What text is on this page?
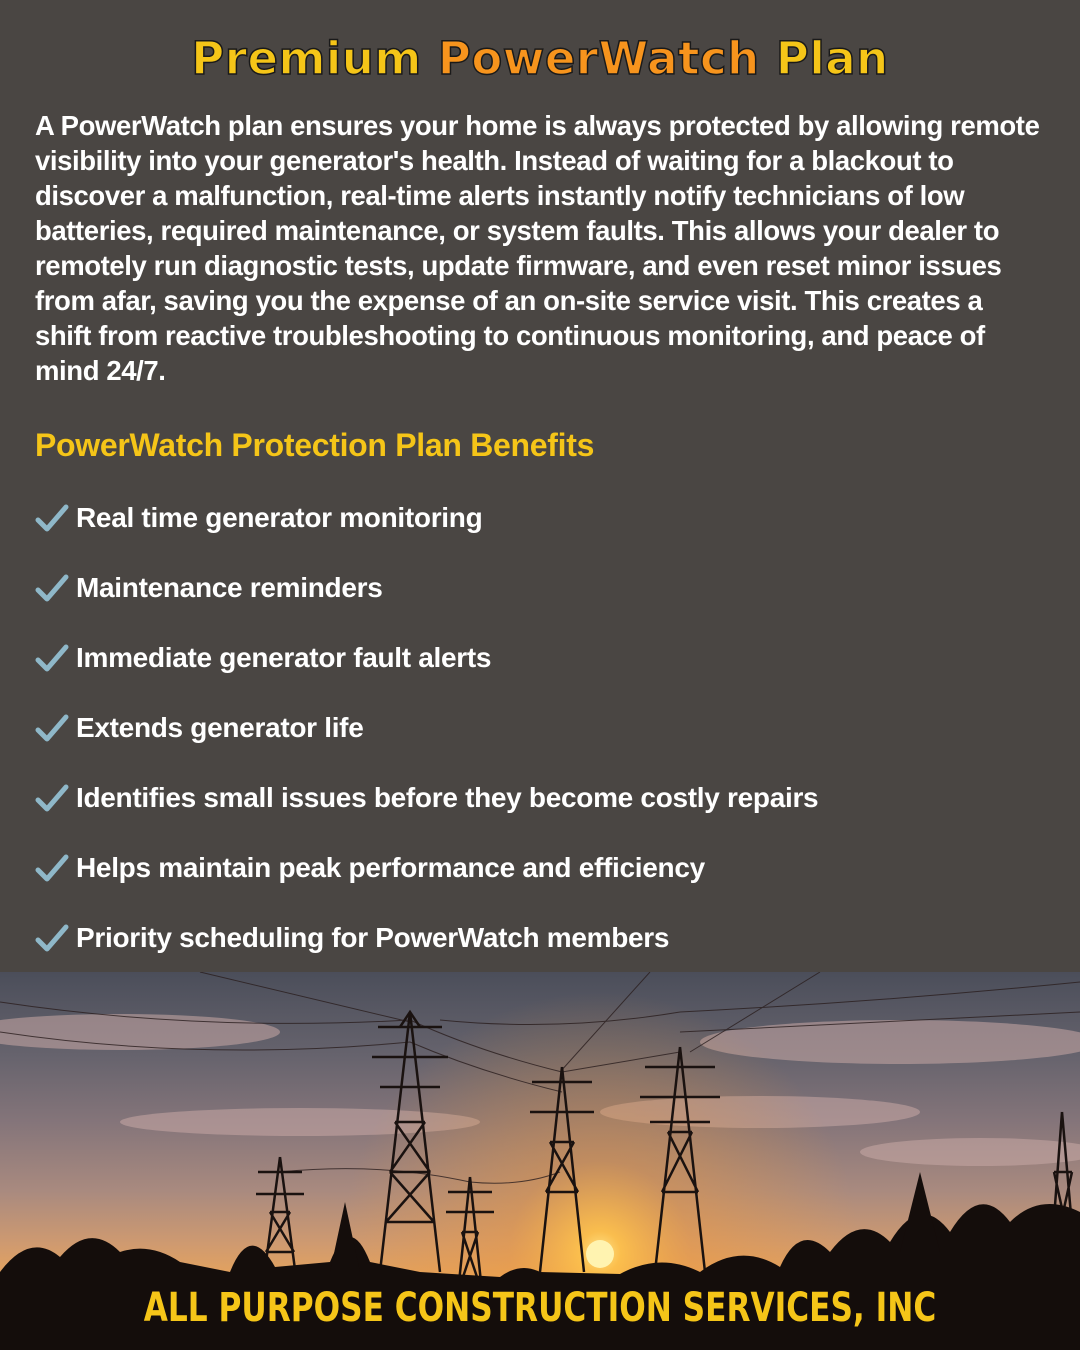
Premium PowerWatch Plan

A PowerWatch plan ensures your home is always protected by allowing remote visibility into your generator's health. Instead of waiting for a blackout to discover a malfunction, real-time alerts instantly notify technicians of low batteries, required maintenance, or system faults. This allows your dealer to remotely run diagnostic tests, update firmware, and even reset minor issues from afar, saving you the expense of an on-site service visit. This creates a shift from reactive troubleshooting to continuous monitoring, and peace of mind 24/7.

PowerWatch Protection Plan Benefits
Real time generator monitoring
Maintenance reminders
Immediate generator fault alerts
Extends generator life
Identifies small issues before they become costly repairs
Helps maintain peak performance and efficiency
Priority scheduling for PowerWatch members
ALL PURPOSE CONSTRUCTION SERVICES, INC
